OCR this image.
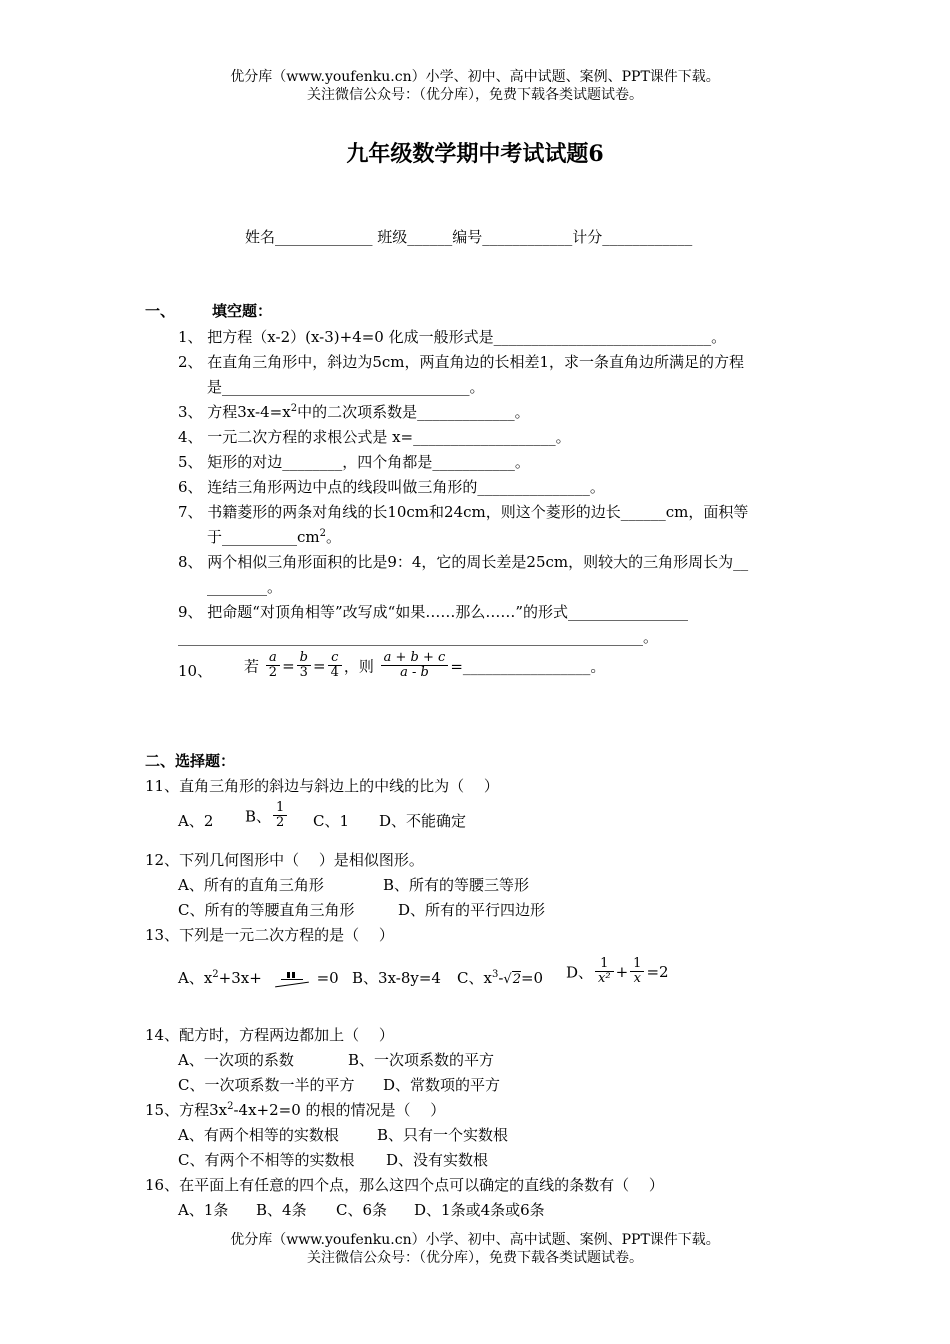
优分库（www.youfenku.cn）小学、初中、高中试题、案例、PPT课件下载。
关注微信公众号：（优分库），免费下载各类试题试卷。
九年级数学期中考试试题6
姓名_____________ 班级______编号____________计分____________
一、 填空题：
1、 把方程（x-2）(x-3)+4=0 化成一般形式是_____________________________。
2、 在直角三角形中，斜边为5cm，两直角边的长相差1，求一条直角边所满足的方程
是_________________________________。
3、 方程$3x-4=x^2$中的二次项系数是_____________。
4、 一元二次方程的求根公式是 x=___________________。
5、 矩形的对边________，四个角都是___________。
6、 连结三角形两边中点的线段叫做三角形的_______________。
7、 书籍菱形的两条对角线的长10cm和24cm，则这个菱形的边长______cm，面积等
于$\_\_\_\_\_\_\_\_\_\_cm^2$。
8、 两个相似三角形面积的比是9：4，它的周长差是25cm，则较大的三角形周长为__
________。
9、 把命题“对顶角相等”改写成“如果……那么……”的形式________________
______________________________________________________________。
10、 若 $\frac{a}{2} = \frac{b}{3} = \frac{c}{4}$ ，则 $\frac{a + b + c}{a - b}$ =_________________。
二、选择题：
11、直角三角形的斜边与斜边上的中线的比为（　 ）
A、2 B、 $\frac{1}{2}$ C、1 D、不能确定
12、下列几何图形中（　 ）是相似图形。
A、所有的直角三角形	B、所有的等腰三等形
C、所有的等腰直角三角形	D、所有的平行四边形
13、下列是一元二次方程的是（　 ）
A、$x^2+3x+$	=0 B、3x-8y=4 C、$x^3-√2=0$ D、 $\frac{1}{\text{x²}} + \frac{1}{x} =2$
14、配方时，方程两边都加上（　 ）
A、一次项的系数	B、一次项系数的平方
C、一次项系数一半的平方 D、常数项的平方
15、方程$3x^2-4x+2=0$ 的根的情况是（　 ）
A、有两个相等的实数根	B、只有一个实数根
C、有两个不相等的实数根 D、没有实数根
16、在平面上有任意的四个点，那么这四个点可以确定的直线的条数有（　 ）
A、1条 B、4条 C、6条 D、1条或4条或6条
优分库（www.youfenku.cn）小学、初中、高中试题、案例、PPT课件下载。
关注微信公众号：（优分库），免费下载各类试题试卷。
